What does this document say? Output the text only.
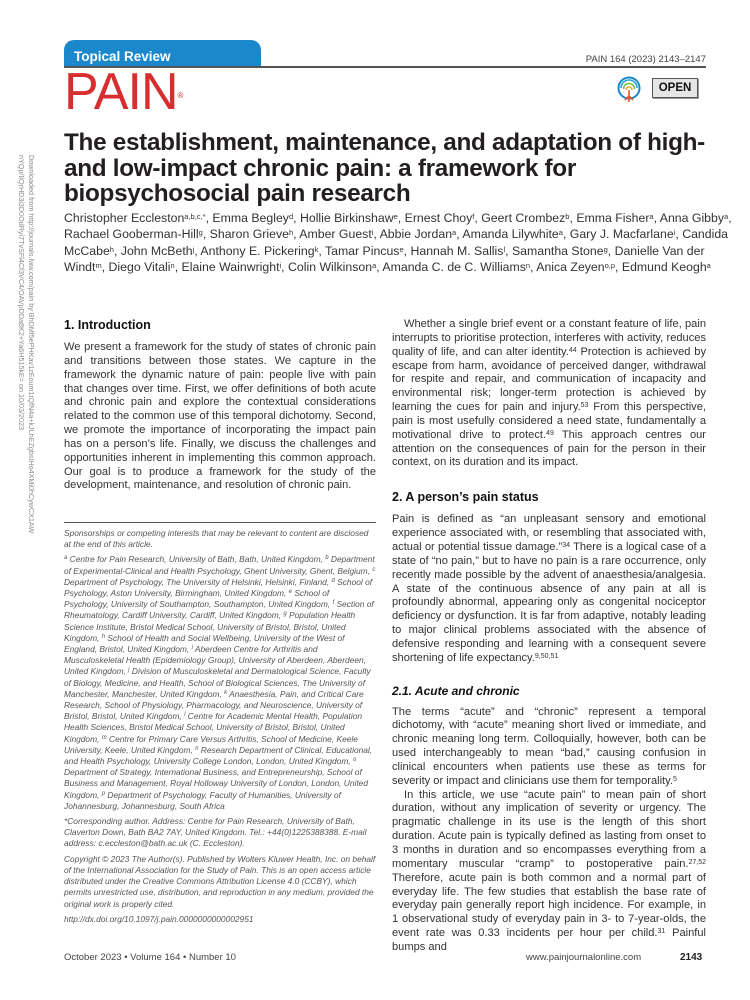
Downloaded from http://journals.lww.com/pain by BhDMf5ePHKav1zEoum1tQfN4a+kJLhEZgbsIHo4XMi0hCywCX1AW
nYQp/IlQrHD3i3D0OdRyi7TvSFl4Cf3VC4/OAVpDDa8K2+Ya6H515kE= on 10/03/2023
Topical Review	PAIN 164 (2023) 2143–2147
PAIN®
OPEN
The establishment, maintenance, and adaptation of high- and low-impact chronic pain: a framework for biopsychosocial pain research
Christopher Eccleston$^{a,b,c,*}$, Emma Begley$^d$, Hollie Birkinshaw$^e$, Ernest Choy$^f$, Geert Crombez$^b$, Emma Fisher$^a$, Anna Gibby$^a$, Rachael Gooberman-Hill$^g$, Sharon Grieve$^h$, Amber Guest$^i$, Abbie Jordan$^a$, Amanda Lilywhite$^a$, Gary J. Macfarlane$^i$, Candida McCabe$^h$, John McBeth$^j$, Anthony E. Pickering$^k$, Tamar Pincus$^e$, Hannah M. Sallis$^l$, Samantha Stone$^g$, Danielle Van der Windt$^m$, Diego Vitali$^n$, Elaine Wainwright$^i$, Colin Wilkinson$^a$, Amanda C. de C. Williams$^n$, Anica Zeyen$^{o,p}$, Edmund Keogh$^a$
1. Introduction

We present a framework for the study of states of chronic pain and transitions between those states. We capture in the framework the dynamic nature of pain: people live with pain that changes over time. First, we offer definitions of both acute and chronic pain and explore the contextual considerations related to the common use of this temporal dichotomy. Second, we promote the importance of incorporating the impact pain has on a person’s life. Finally, we discuss the challenges and opportunities inherent in implementing this common approach. Our goal is to produce a framework for the study of the development, maintenance, and resolution of chronic pain.

Sponsorships or competing interests that may be relevant to content are disclosed at the end of this article.

$^a$ Centre for Pain Research, University of Bath, Bath, United Kingdom, $^b$ Department of Experimental-Clinical and Health Psychology, Ghent University, Ghent, Belgium, $^c$ Department of Psychology, The University of Helsinki, Helsinki, Finland, $^d$ School of Psychology, Aston University, Birmingham, United Kingdom, $^e$ School of Psychology, University of Southampton, Southampton, United Kingdom, $^f$ Section of Rheumatology, Cardiff University, Cardiff, United Kingdom, $^g$ Population Health Science Institute, Bristol Medical School, University of Bristol, Bristol, United Kingdom, $^h$ School of Health and Social Wellbeing, University of the West of England, Bristol, United Kingdom, $^i$ Aberdeen Centre for Arthritis and Musculoskeletal Health (Epidemiology Group), University of Aberdeen, Aberdeen, United Kingdom, $^j$ Division of Musculoskeletal and Dermatological Science, Faculty of Biology, Medicine, and Health, School of Biological Sciences, The University of Manchester, Manchester, United Kingdom, $^k$ Anaesthesia, Pain, and Critical Care Research, School of Physiology, Pharmacology, and Neuroscience, University of Bristol, Bristol, United Kingdom, $^l$ Centre for Academic Mental Health, Population Health Sciences, Bristol Medical School, University of Bristol, Bristol, United Kingdom, $^m$ Centre for Primary Care Versus Arthritis, School of Medicine, Keele University, Keele, United Kingdom, $^n$ Research Department of Clinical, Educational, and Health Psychology, University College London, London, United Kingdom, $^o$ Department of Strategy, International Business, and Entrepreneurship, School of Business and Management, Royal Holloway University of London, London, United Kingdom, $^p$ Department of Psychology, Faculty of Humanities, University of Johannesburg, Johannesburg, South Africa

*Corresponding author. Address: Centre for Pain Research, University of Bath, Claverton Down, Bath BA2 7AY, United Kingdom. Tel.: +44(0)1225388388. E-mail address: c.eccleston@bath.ac.uk (C. Eccleston).

Copyright © 2023 The Author(s). Published by Wolters Kluwer Health, Inc. on behalf of the International Association for the Study of Pain. This is an open access article distributed under the Creative Commons Attribution License 4.0 (CCBY), which permits unrestricted use, distribution, and reproduction in any medium, provided the original work is properly cited.

http://dx.doi.org/10.1097/j.pain.0000000000002951

Whether a single brief event or a constant feature of life, pain interrupts to prioritise protection, interferes with activity, reduces quality of life, and can alter identity.$^{44}$ Protection is achieved by escape from harm, avoidance of perceived danger, withdrawal for respite and repair, and communication of incapacity and environmental risk; longer-term protection is achieved by learning the cues for pain and injury.$^{53}$ From this perspective, pain is most usefully considered a need state, fundamentally a motivational drive to protect.$^{49}$ This approach centres our attention on the consequences of pain for the person in their context, on its duration and its impact.

2. A person’s pain status

Pain is defined as “an unpleasant sensory and emotional experience associated with, or resembling that associated with, actual or potential tissue damage.”$^{34}$ There is a logical case of a state of “no pain,” but to have no pain is a rare occurrence, only recently made possible by the advent of anaesthesia/analgesia. A state of the continuous absence of any pain at all is profoundly abnormal, appearing only as congenital nociceptor deficiency or dysfunction. It is far from adaptive, notably leading to major clinical problems associated with the absence of defensive responding and learning with a consequent severe shortening of life expectancy.$^{9,50,51}$

2.1. Acute and chronic

The terms “acute” and “chronic” represent a temporal dichotomy, with “acute” meaning short lived or immediate, and chronic meaning long term. Colloquially, however, both can be used interchangeably to mean “bad,” causing confusion in clinical encounters when patients use these as terms for severity or impact and clinicians use them for temporality.$^5$

In this article, we use “acute pain” to mean pain of short duration, without any implication of severity or urgency. The pragmatic challenge in its use is the length of this short duration. Acute pain is typically defined as lasting from onset to 3 months in duration and so encompasses everything from a momentary muscular “cramp” to postoperative pain.$^{27,52}$ Therefore, acute pain is both common and a normal part of everyday life. The few studies that establish the base rate of everyday pain generally report high incidence. For example, in 1 observational study of everyday pain in 3- to 7-year-olds, the event rate was 0.33 incidents per hour per child.$^{31}$ Painful bumps and

October 2023 • Volume 164 • Number 10	www.painjournalonline.com	2143
